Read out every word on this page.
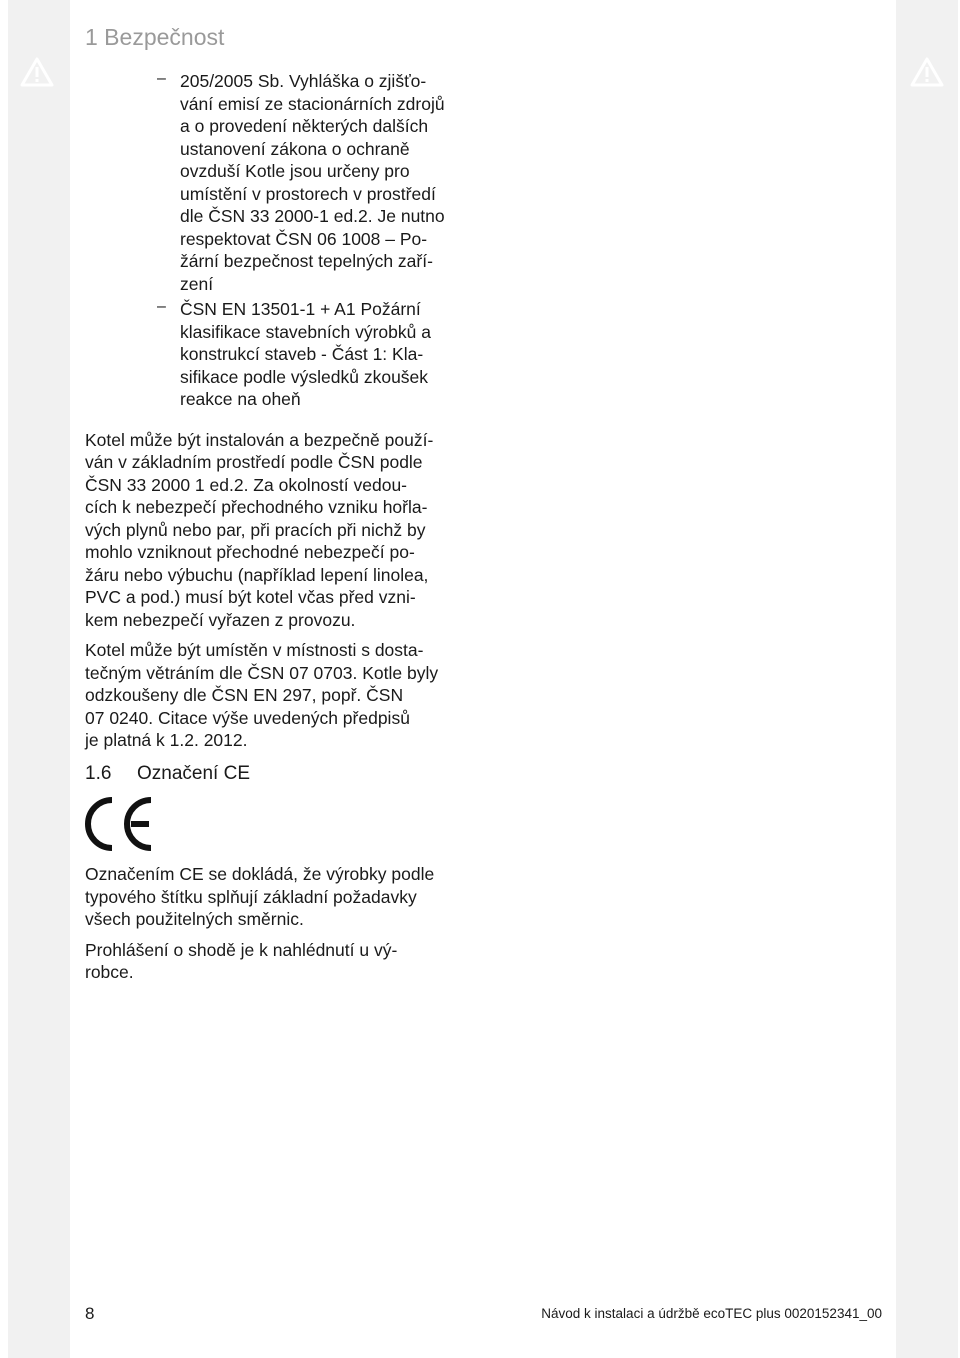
1 Bezpečnost
– 205/2005 Sb. Vyhláška o zjišťo-
vání emisí ze stacionárních zdrojů
a o provedení některých dalších
ustanovení zákona o ochraně
ovzduší Kotle jsou určeny pro
umístění v prostorech v prostředí
dle ČSN 33 2000-1 ed.2. Je nutno
respektovat ČSN 06 1008 – Po-
žární bezpečnost tepelných zaří-
zení

– ČSN EN 13501-1 + A1 Požární
klasifikace stavebních výrobků a
konstrukcí staveb - Část 1: Kla-
sifikace podle výsledků zkoušek
reakce na oheň

Kotel může být instalován a bezpečně použí-
ván v základním prostředí podle ČSN podle
ČSN 33 2000 1 ed.2. Za okolností vedou-
cích k nebezpečí přechodného vzniku hořla-
vých plynů nebo par, při pracích při nichž by
mohlo vzniknout přechodné nebezpečí po-
žáru nebo výbuchu (například lepení linolea,
PVC a pod.) musí být kotel včas před vzni-
kem nebezpečí vyřazen z provozu.

Kotel může být umístěn v místnosti s dosta-
tečným větráním dle ČSN 07 0703. Kotle byly
odzkoušeny dle ČSN EN 297, popř. ČSN
07 0240. Citace výše uvedených předpisů
je platná k 1.2. 2012.

1.6 Označení CE

Označením CE se dokládá, že výrobky podle
typového štítku splňují základní požadavky
všech použitelných směrnic.

Prohlášení o shodě je k nahlédnutí u vý-
robce.

8	Návod k instalaci a údržbě ecoTEC plus 0020152341_00
